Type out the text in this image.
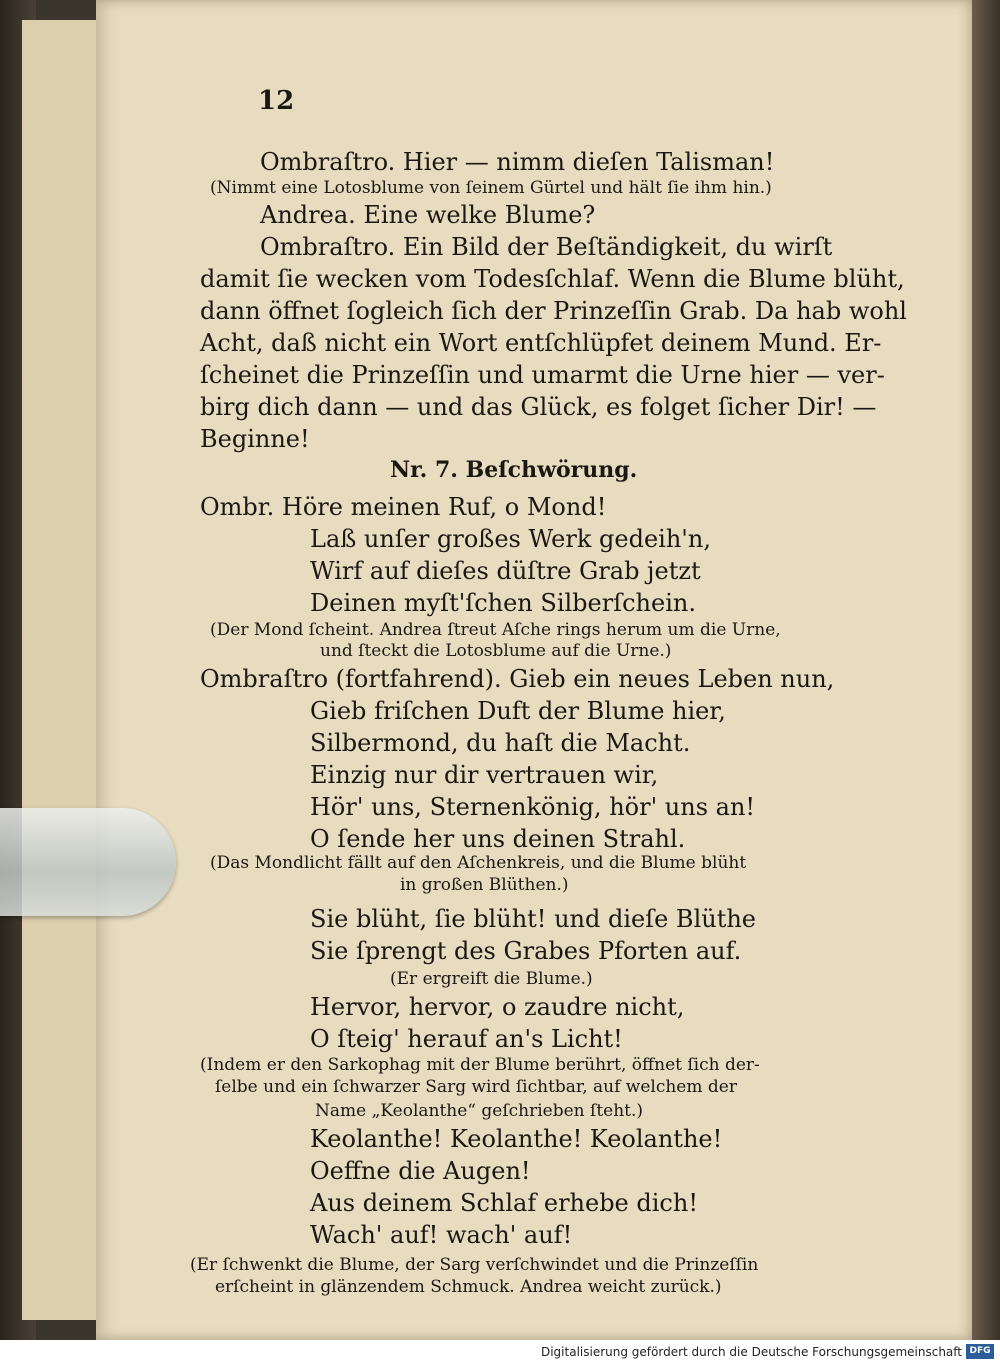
12
Ombraſtro. Hier — nimm dieſen Talisman!
(Nimmt eine Lotosblume von ſeinem Gürtel und hält ſie ihm hin.)
Andrea. Eine welke Blume?
Ombraſtro. Ein Bild der Beſtändigkeit, du wirſt
damit ſie wecken vom Todesſchlaf. Wenn die Blume blüht,
dann öffnet ſogleich ſich der Prinzeſſin Grab. Da hab wohl
Acht, daß nicht ein Wort entſchlüpfet deinem Mund. Er-
ſcheinet die Prinzeſſin und umarmt die Urne hier — ver-
birg dich dann — und das Glück, es folget ſicher Dir! —
Beginne!
Nr. 7. Beſchwörung.
Ombr. Höre meinen Ruf, o Mond!
Laß unſer großes Werk gedeih'n,
Wirf auf dieſes düſtre Grab jetzt
Deinen myſt'ſchen Silberſchein.
(Der Mond ſcheint. Andrea ſtreut Aſche rings herum um die Urne,
und ſteckt die Lotosblume auf die Urne.)
Ombraſtro (fortfahrend). Gieb ein neues Leben nun,
Gieb friſchen Duft der Blume hier,
Silbermond, du haſt die Macht.
Einzig nur dir vertrauen wir,
Hör' uns, Sternenkönig, hör' uns an!
O ſende her uns deinen Strahl.
(Das Mondlicht fällt auf den Aſchenkreis, und die Blume blüht
in großen Blüthen.)
Sie blüht, ſie blüht! und dieſe Blüthe
Sie ſprengt des Grabes Pforten auf.
(Er ergreift die Blume.)
Hervor, hervor, o zaudre nicht,
O ſteig' herauf an's Licht!
(Indem er den Sarkophag mit der Blume berührt, öffnet ſich der-
ſelbe und ein ſchwarzer Sarg wird ſichtbar, auf welchem der
Name „Keolanthe“ geſchrieben ſteht.)
Keolanthe! Keolanthe! Keolanthe!
Oeffne die Augen!
Aus deinem Schlaf erhebe dich!
Wach' auf! wach' auf!
(Er ſchwenkt die Blume, der Sarg verſchwindet und die Prinzeſſin
erſcheint in glänzendem Schmuck. Andrea weicht zurück.)
Digitalisierung gefördert durch die Deutsche Forschungsgemeinschaft DFG
